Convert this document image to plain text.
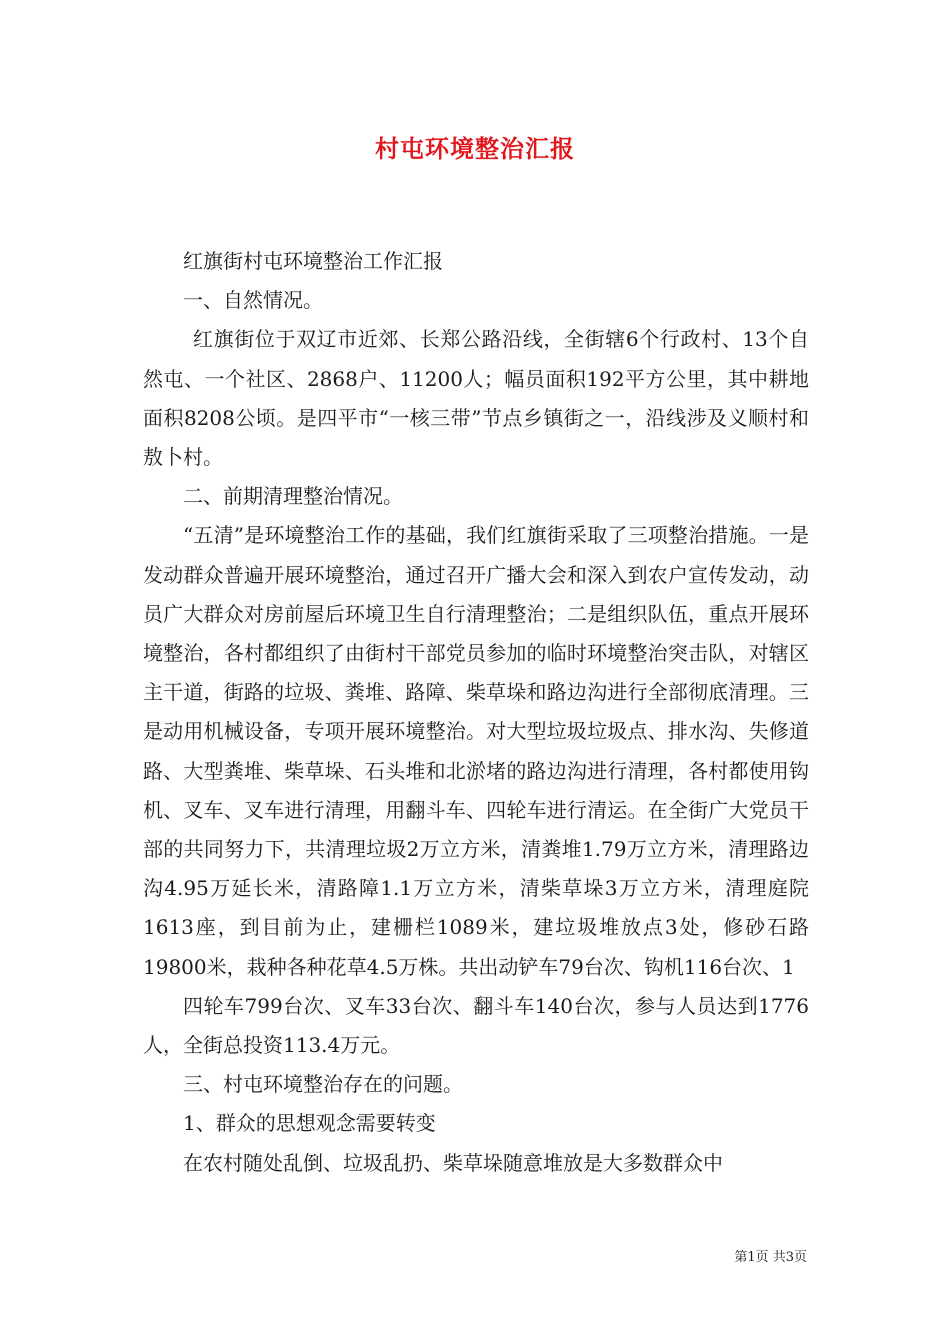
村屯环境整治汇报

红旗街村屯环境整治工作汇报

一、自然情况。

红旗街位于双辽市近郊、长郑公路沿线，全街辖6个行政村、13个自然屯、一个社区、2868户、11200人；幅员面积192平方公里，其中耕地面积8208公顷。是四平市“一核三带”节点乡镇街之一，沿线涉及义顺村和敖卜村。

二、前期清理整治情况。

“五清”是环境整治工作的基础，我们红旗街采取了三项整治措施。一是发动群众普遍开展环境整治，通过召开广播大会和深入到农户宣传发动，动员广大群众对房前屋后环境卫生自行清理整治；二是组织队伍，重点开展环境整治，各村都组织了由街村干部党员参加的临时环境整治突击队，对辖区主干道，街路的垃圾、粪堆、路障、柴草垛和路边沟进行全部彻底清理。三是动用机械设备，专项开展环境整治。对大型垃圾垃圾点、排水沟、失修道路、大型粪堆、柴草垛、石头堆和北淤堵的路边沟进行清理，各村都使用钩机、叉车、叉车进行清理，用翻斗车、四轮车进行清运。在全街广大党员干部的共同努力下，共清理垃圾2万立方米，清粪堆1.79万立方米，清理路边沟4.95万延长米，清路障1.1万立方米，清柴草垛3万立方米，清理庭院1613座，到目前为止，建栅栏1089米，建垃圾堆放点3处，修砂石路19800米，栽种各种花草4.5万株。共出动铲车79台次、钩机116台次、1

四轮车799台次、叉车33台次、翻斗车140台次，参与人员达到1776人，全街总投资113.4万元。

三、村屯环境整治存在的问题。

1、群众的思想观念需要转变

在农村随处乱倒、垃圾乱扔、柴草垛随意堆放是大多数群众中

第1页 共3页
